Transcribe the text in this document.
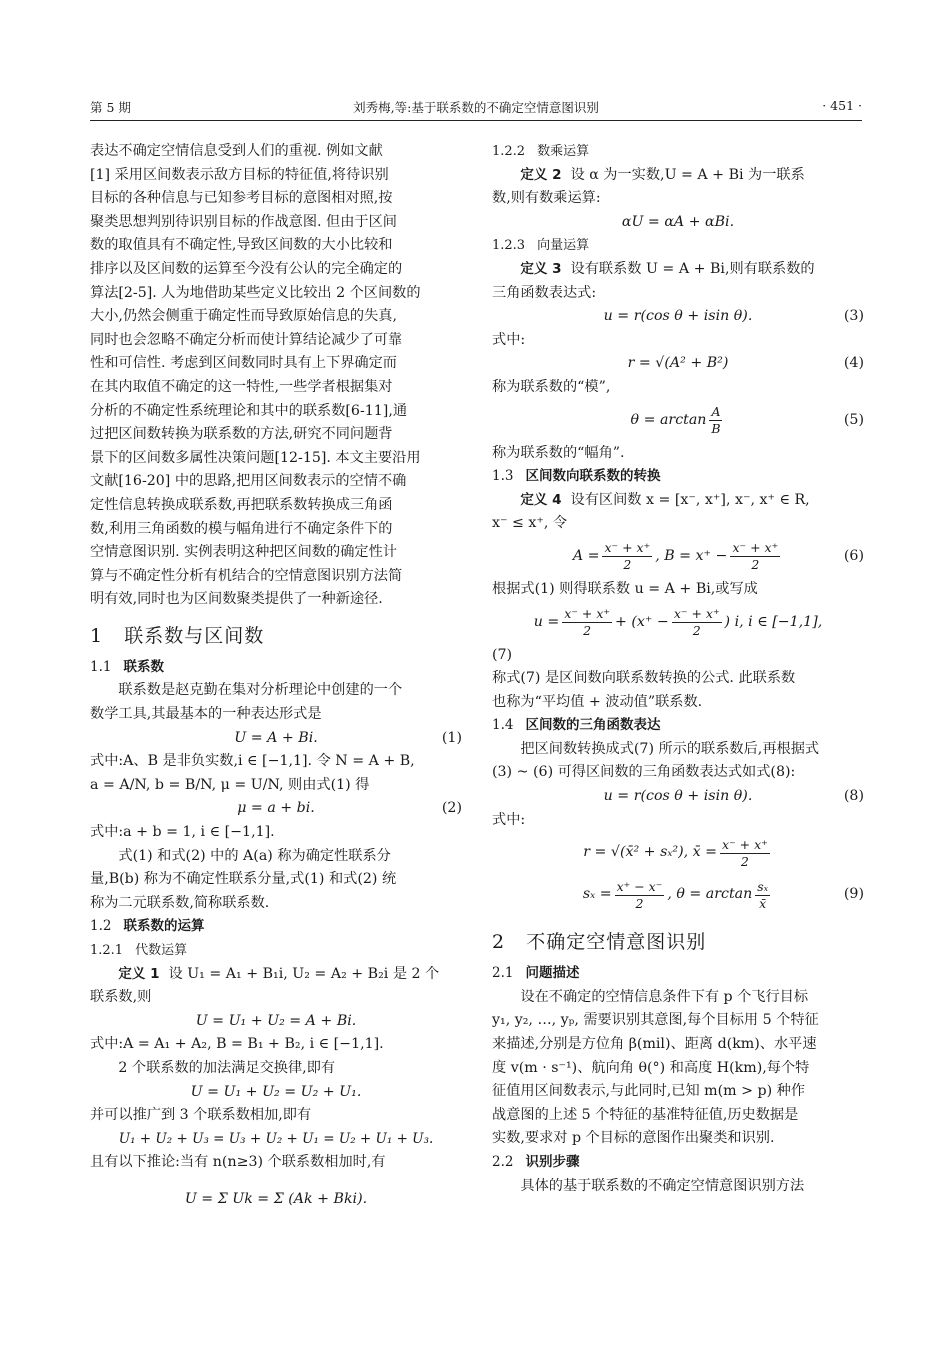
第 5 期	刘秀梅,等:基于联系数的不确定空情意图识别	· 451 ·

表达不确定空情信息受到人们的重视. 例如文献

[1] 采用区间数表示敌方目标的特征值,将待识别

目标的各种信息与已知参考目标的意图相对照,按

聚类思想判别待识别目标的作战意图. 但由于区间

数的取值具有不确定性,导致区间数的大小比较和

排序以及区间数的运算至今没有公认的完全确定的

算法[2-5]. 人为地借助某些定义比较出 2 个区间数的

大小,仍然会侧重于确定性而导致原始信息的失真,

同时也会忽略不确定分析而使计算结论减少了可靠

性和可信性. 考虑到区间数同时具有上下界确定而

在其内取值不确定的这一特性,一些学者根据集对

分析的不确定性系统理论和其中的联系数[6-11],通

过把区间数转换为联系数的方法,研究不同问题背

景下的区间数多属性决策问题[12-15]. 本文主要沿用

文献[16-20] 中的思路,把用区间数表示的空情不确

定性信息转换成联系数,再把联系数转换成三角函

数,利用三角函数的模与幅角进行不确定条件下的

空情意图识别. 实例表明这种把区间数的确定性计

算与不确定性分析有机结合的空情意图识别方法简

明有效,同时也为区间数聚类提供了一种新途径.

1 联系数与区间数

1.1 联系数

联系数是赵克勤在集对分析理论中创建的一个

数学工具,其最基本的一种表达形式是

U = A + Bi.	(1)

式中:A、B 是非负实数,i ∈ [−1,1]. 令 N = A + B,

a = A/N, b = B/N, μ = U/N, 则由式(1) 得

μ = a + bi.	(2)

式中:a + b = 1, i ∈ [−1,1].

式(1) 和式(2) 中的 A(a) 称为确定性联系分

量,B(b) 称为不确定性联系分量,式(1) 和式(2) 统

称为二元联系数,简称联系数.

1.2 联系数的运算

1.2.1 代数运算

定义 1 设 U₁ = A₁ + B₁i, U₂ = A₂ + B₂i 是 2 个

联系数,则

U = U₁ + U₂ = A + Bi.

式中:A = A₁ + A₂, B = B₁ + B₂, i ∈ [−1,1].

2 个联系数的加法满足交换律,即有

U = U₁ + U₂ = U₂ + U₁.

并可以推广到 3 个联系数相加,即有

U₁ + U₂ + U₃ = U₃ + U₂ + U₁ = U₂ + U₁ + U₃.

且有以下推论:当有 n(n≥3) 个联系数相加时,有

U = Σ Uk = Σ (Ak + Bki).

1.2.2 数乘运算

定义 2 设 α 为一实数,U = A + Bi 为一联系

数,则有数乘运算:

αU = αA + αBi.

1.2.3 向量运算

定义 3 设有联系数 U = A + Bi,则有联系数的

三角函数表达式:

u = r(cos θ + isin θ).	(3)

式中:

r = √(A² + B²)	(4)

称为联系数的“模”,

$\theta = \arctan \frac{A}{B}$	(5)

称为联系数的“幅角”.

1.3 区间数向联系数的转换

定义 4 设有区间数 x = [x⁻, x⁺], x⁻, x⁺ ∈ R,

x⁻ ≤ x⁺, 令

$A = \frac{x^- + x^+}{2}$ , $B = x^+ - \frac{x^- + x^+}{2}$	(6)

根据式(1) 则得联系数 u = A + Bi,或写成

$u = \frac{x^- + x^+}{2} + (x^+ - \frac{x^- + x^+}{2}$ ) i, i ∈ [−1,1],

(7)

称式(7) 是区间数向联系数转换的公式. 此联系数

也称为“平均值 + 波动值”联系数.

1.4 区间数的三角函数表达

把区间数转换成式(7) 所示的联系数后,再根据式

(3) ~ (6) 可得区间数的三角函数表达式如式(8):

u = r(cos θ + isin θ).	(8)

式中:

r = √(x̄² + sₓ²), x̄ = $\frac{x^- + x^+}{2}$
$s_x = \frac{x^+ - x^-}{2}$ , $\theta = \arctan \frac{\text{sₓ}}{x̄}$	(9)
2 不确定空情意图识别

2.1 问题描述

设在不确定的空情信息条件下有 p 个飞行目标

y₁, y₂, …, yₚ, 需要识别其意图,每个目标用 5 个特征

来描述,分别是方位角 β(mil)、距离 d(km)、水平速

度 v(m · s⁻¹)、航向角 θ(°) 和高度 H(km),每个特

征值用区间数表示,与此同时,已知 m(m > p) 种作

战意图的上述 5 个特征的基准特征值,历史数据是

实数,要求对 p 个目标的意图作出聚类和识别.

2.2 识别步骤

具体的基于联系数的不确定空情意图识别方法
